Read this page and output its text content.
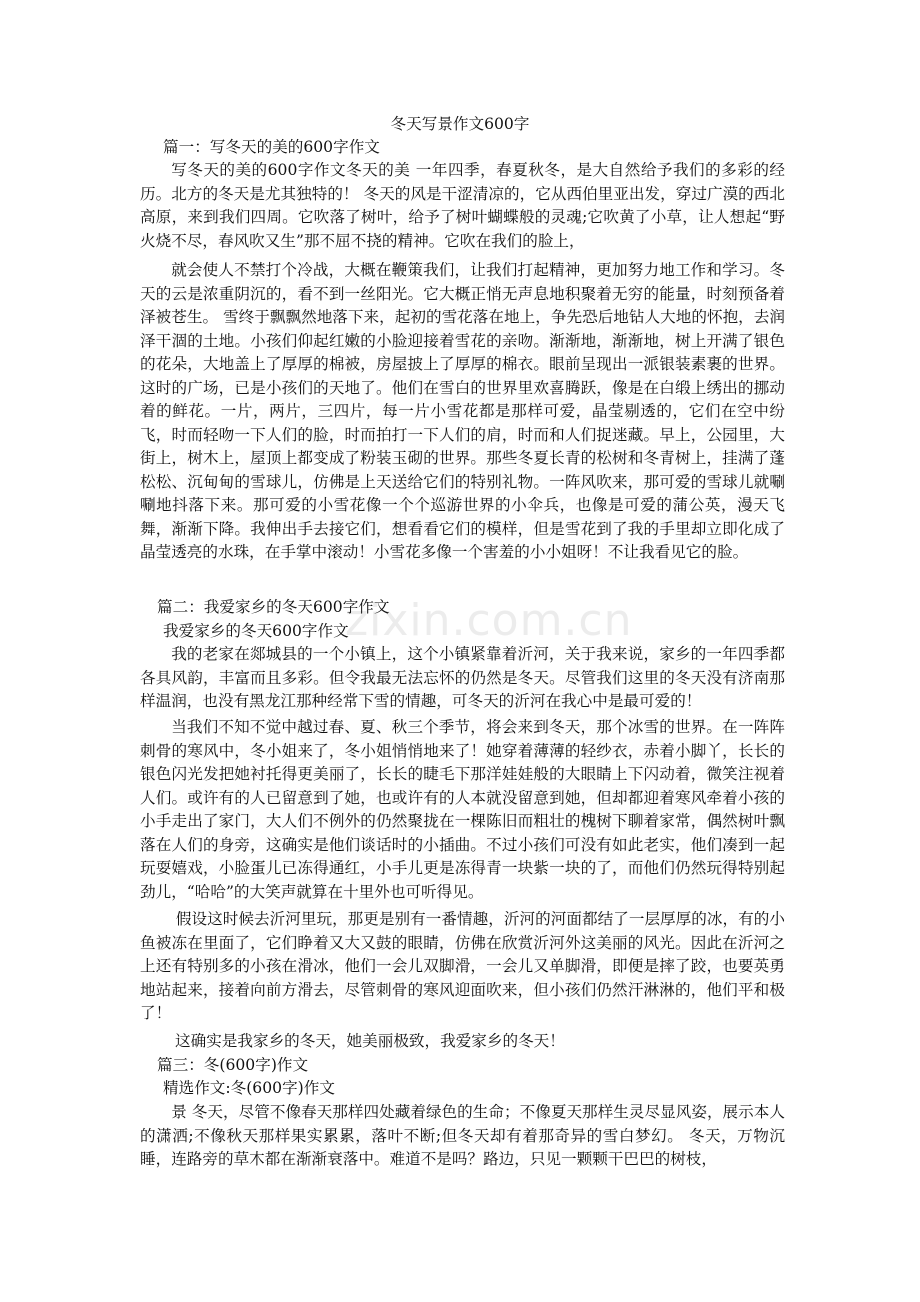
zixin.com.cn
冬天写景作文600字
篇一：写冬天的美的600字作文
写冬天的美的600字作文冬天的美 一年四季，春夏秋冬，是大自然给予我们的多彩的经历。北方的冬天是尤其独特的！ 冬天的风是干涩清凉的，它从西伯里亚出发，穿过广漠的西北高原，来到我们四周。它吹落了树叶，给予了树叶蝴蝶般的灵魂;它吹黄了小草，让人想起“野火烧不尽，春风吹又生”那不屈不挠的精神。它吹在我们的脸上，
就会使人不禁打个冷战，大概在鞭策我们，让我们打起精神，更加努力地工作和学习。冬天的云是浓重阴沉的，看不到一丝阳光。它大概正悄无声息地积聚着无穷的能量，时刻预备着泽被苍生。 雪终于飘飘然地落下来，起初的雪花落在地上，争先恐后地钻人大地的怀抱，去润泽干涸的土地。小孩们仰起红嫩的小脸迎接着雪花的亲吻。渐渐地，渐渐地，树上开满了银色的花朵，大地盖上了厚厚的棉被，房屋披上了厚厚的棉衣。眼前呈现出一派银装素裹的世界。这时的广场，已是小孩们的天地了。他们在雪白的世界里欢喜腾跃，像是在白缎上绣出的挪动着的鲜花。一片，两片，三四片，每一片小雪花都是那样可爱，晶莹剔透的，它们在空中纷飞，时而轻吻一下人们的脸，时而拍打一下人们的肩，时而和人们捉迷藏。早上，公园里，大街上，树木上，屋顶上都变成了粉装玉砌的世界。那些冬夏长青的松树和冬青树上，挂满了蓬松松、沉甸甸的雪球儿，仿佛是上天送给它们的特别礼物。一阵风吹来，那可爱的雪球儿就唰唰地抖落下来。那可爱的小雪花像一个个巡游世界的小伞兵，也像是可爱的蒲公英，漫天飞舞，渐渐下降。我伸出手去接它们，想看看它们的模样，但是雪花到了我的手里却立即化成了晶莹透亮的水珠，在手掌中滚动！小雪花多像一个害羞的小小姐呀！不让我看见它的脸。
篇二：我爱家乡的冬天600字作文
我爱家乡的冬天600字作文
我的老家在郯城县的一个小镇上，这个小镇紧靠着沂河，关于我来说，家乡的一年四季都各具风韵，丰富而且多彩。但令我最无法忘怀的仍然是冬天。尽管我们这里的冬天没有济南那样温润，也没有黑龙江那种经常下雪的情趣，可冬天的沂河在我心中是最可爱的！
当我们不知不觉中越过春、夏、秋三个季节，将会来到冬天，那个冰雪的世界。在一阵阵刺骨的寒风中，冬小姐来了，冬小姐悄悄地来了！她穿着薄薄的轻纱衣，赤着小脚丫，长长的银色闪光发把她衬托得更美丽了，长长的睫毛下那洋娃娃般的大眼睛上下闪动着，微笑注视着人们。或许有的人已留意到了她，也或许有的人本就没留意到她，但却都迎着寒风牵着小孩的小手走出了家门，大人们不例外的仍然聚拢在一棵陈旧而粗壮的槐树下聊着家常，偶然树叶飘落在人们的身旁，这确实是他们谈话时的小插曲。不过小孩们可没有如此老实，他们凑到一起玩耍嬉戏，小脸蛋儿已冻得通红，小手儿更是冻得青一块紫一块的了，而他们仍然玩得特别起劲儿，“哈哈”的大笑声就算在十里外也可听得见。
假设这时候去沂河里玩，那更是别有一番情趣，沂河的河面都结了一层厚厚的冰，有的小鱼被冻在里面了，它们睁着又大又鼓的眼睛，仿佛在欣赏沂河外这美丽的风光。因此在沂河之上还有特别多的小孩在滑冰，他们一会儿双脚滑，一会儿又单脚滑，即便是摔了跤，也要英勇地站起来，接着向前方滑去，尽管刺骨的寒风迎面吹来，但小孩们仍然汗淋淋的，他们平和极了！
这确实是我家乡的冬天，她美丽极致，我爱家乡的冬天！
篇三：冬(600字)作文
精选作文:冬(600字)作文
景 冬天，尽管不像春天那样四处藏着绿色的生命；不像夏天那样生灵尽显风姿，展示本人的潇洒;不像秋天那样果实累累，落叶不断;但冬天却有着那奇异的雪白梦幻。 冬天，万物沉睡，连路旁的草木都在渐渐衰落中。难道不是吗？路边，只见一颗颗干巴巴的树枝，
